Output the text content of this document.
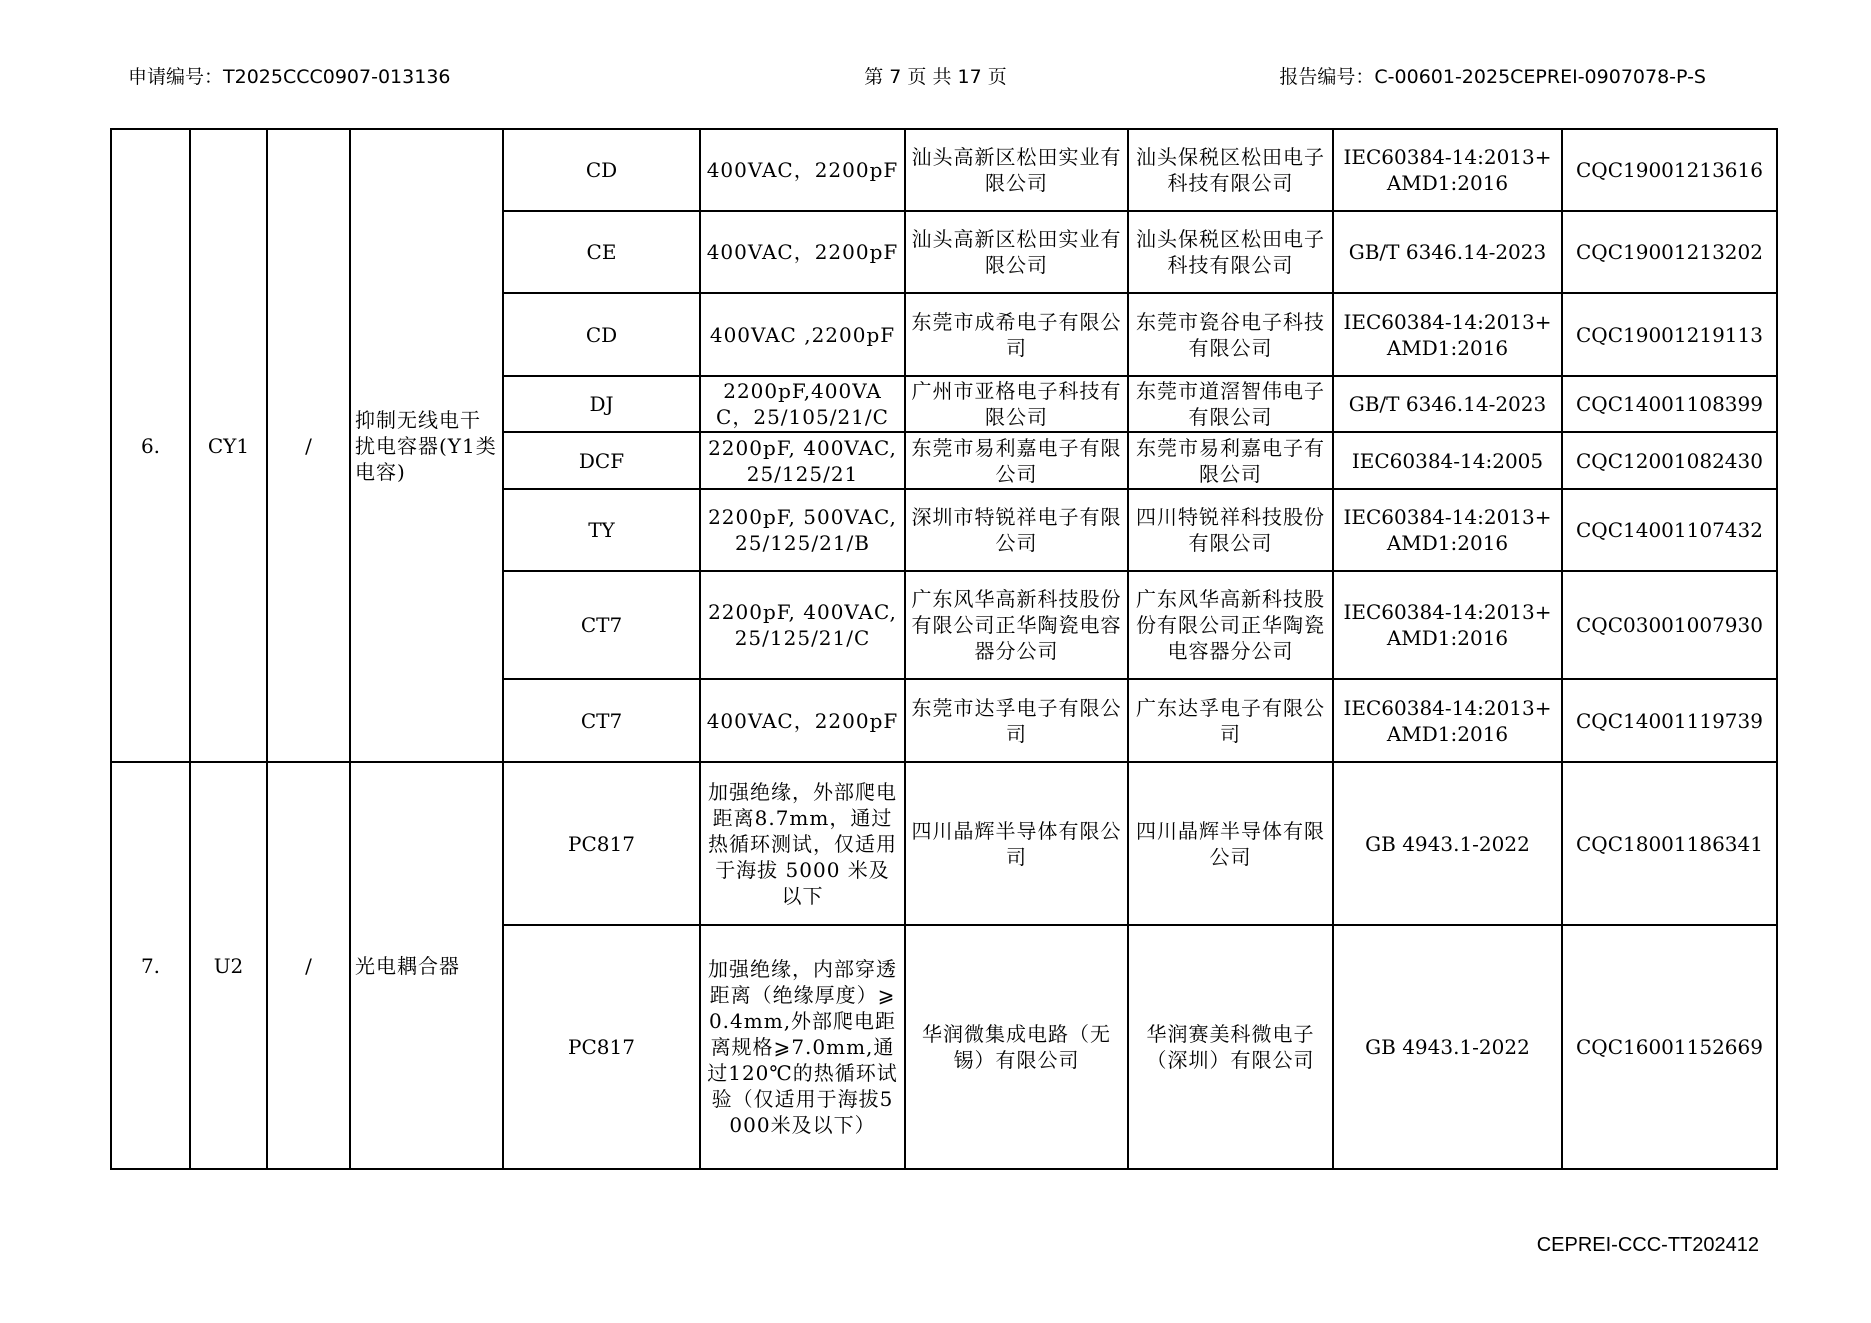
申请编号：T2025CCC0907-013136	第 7 页 共 17 页	报告编号：C-00601-2025CEPREI-0907078-P-S
6.	CY1	/	抑制无线电干扰电容器(Y1类电容)	CD	400VAC，2200pF	汕头高新区松田实业有限公司	汕头保税区松田电子科技有限公司	IEC60384-14:2013+AMD1:2016	CQC19001213616
				CE	400VAC，2200pF	汕头高新区松田实业有限公司	汕头保税区松田电子科技有限公司	GB/T 6346.14-2023	CQC19001213202
				CD	400VAC ,2200pF	东莞市成希电子有限公司	东莞市瓷谷电子科技有限公司	IEC60384-14:2013+AMD1:2016	CQC19001219113
				DJ	2200pF,400VAC，25/105/21/C	广州市亚格电子科技有限公司	东莞市道滘智伟电子有限公司	GB/T 6346.14-2023	CQC14001108399
				DCF	2200pF, 400VAC, 25/125/21	东莞市易利嘉电子有限公司	东莞市易利嘉电子有限公司	IEC60384-14:2005	CQC12001082430
				TY	2200pF, 500VAC, 25/125/21/B	深圳市特锐祥电子有限公司	四川特锐祥科技股份有限公司	IEC60384-14:2013+AMD1:2016	CQC14001107432
				CT7	2200pF, 400VAC, 25/125/21/C	广东风华高新科技股份有限公司正华陶瓷电容器分公司	广东风华高新科技股份有限公司正华陶瓷电容器分公司	IEC60384-14:2013+AMD1:2016	CQC03001007930
				CT7	400VAC，2200pF	东莞市达孚电子有限公司	广东达孚电子有限公司	IEC60384-14:2013+AMD1:2016	CQC14001119739
7.	U2	/	光电耦合器	PC817	加强绝缘，外部爬电距离8.7mm，通过热循环测试，仅适用于海拔 5000 米及以下	四川晶辉半导体有限公司	四川晶辉半导体有限公司	GB 4943.1-2022	CQC18001186341
				PC817	加强绝缘，内部穿透距离（绝缘厚度）⩾0.4mm,外部爬电距离规格⩾7.0mm,通过120℃的热循环试验（仅适用于海拔5000米及以下）	华润微集成电路（无锡）有限公司	华润赛美科微电子（深圳）有限公司	GB 4943.1-2022	CQC16001152669
CEPREI-CCC-TT202412
